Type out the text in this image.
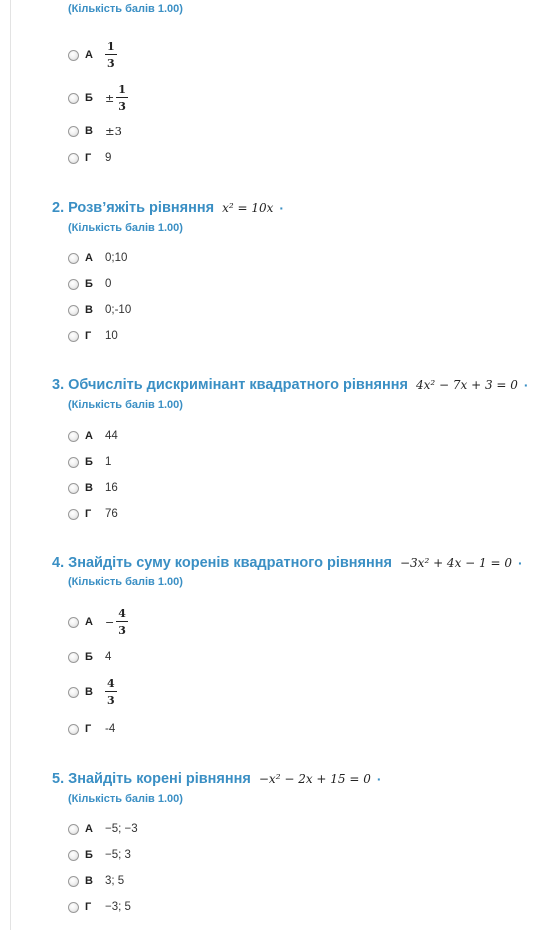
(Кількість балів 1.00)
А	$\frac{1}{3}$
Б	± $\frac{1}{3}$
В	±3
Г	9
2. Розв’яжіть рівняння x² = 10x ·
(Кількість балів 1.00)
А	0;10
Б	0
В	0;-10
Г	10
3. Обчисліть дискримінант квадратного рівняння 4x² − 7x + 3 = 0 ·
(Кількість балів 1.00)
А	44
Б	1
В	16
Г	76
4. Знайдіть суму коренів квадратного рівняння −3x² + 4x − 1 = 0 ·
(Кількість балів 1.00)
А	− $\frac{4}{3}$
Б	4
В	$\frac{4}{3}$
Г	-4
5. Знайдіть корені рівняння −x² − 2x + 15 = 0 ·
(Кількість балів 1.00)
А	−5; −3
Б	−5; 3
В	3; 5
Г	−3; 5
